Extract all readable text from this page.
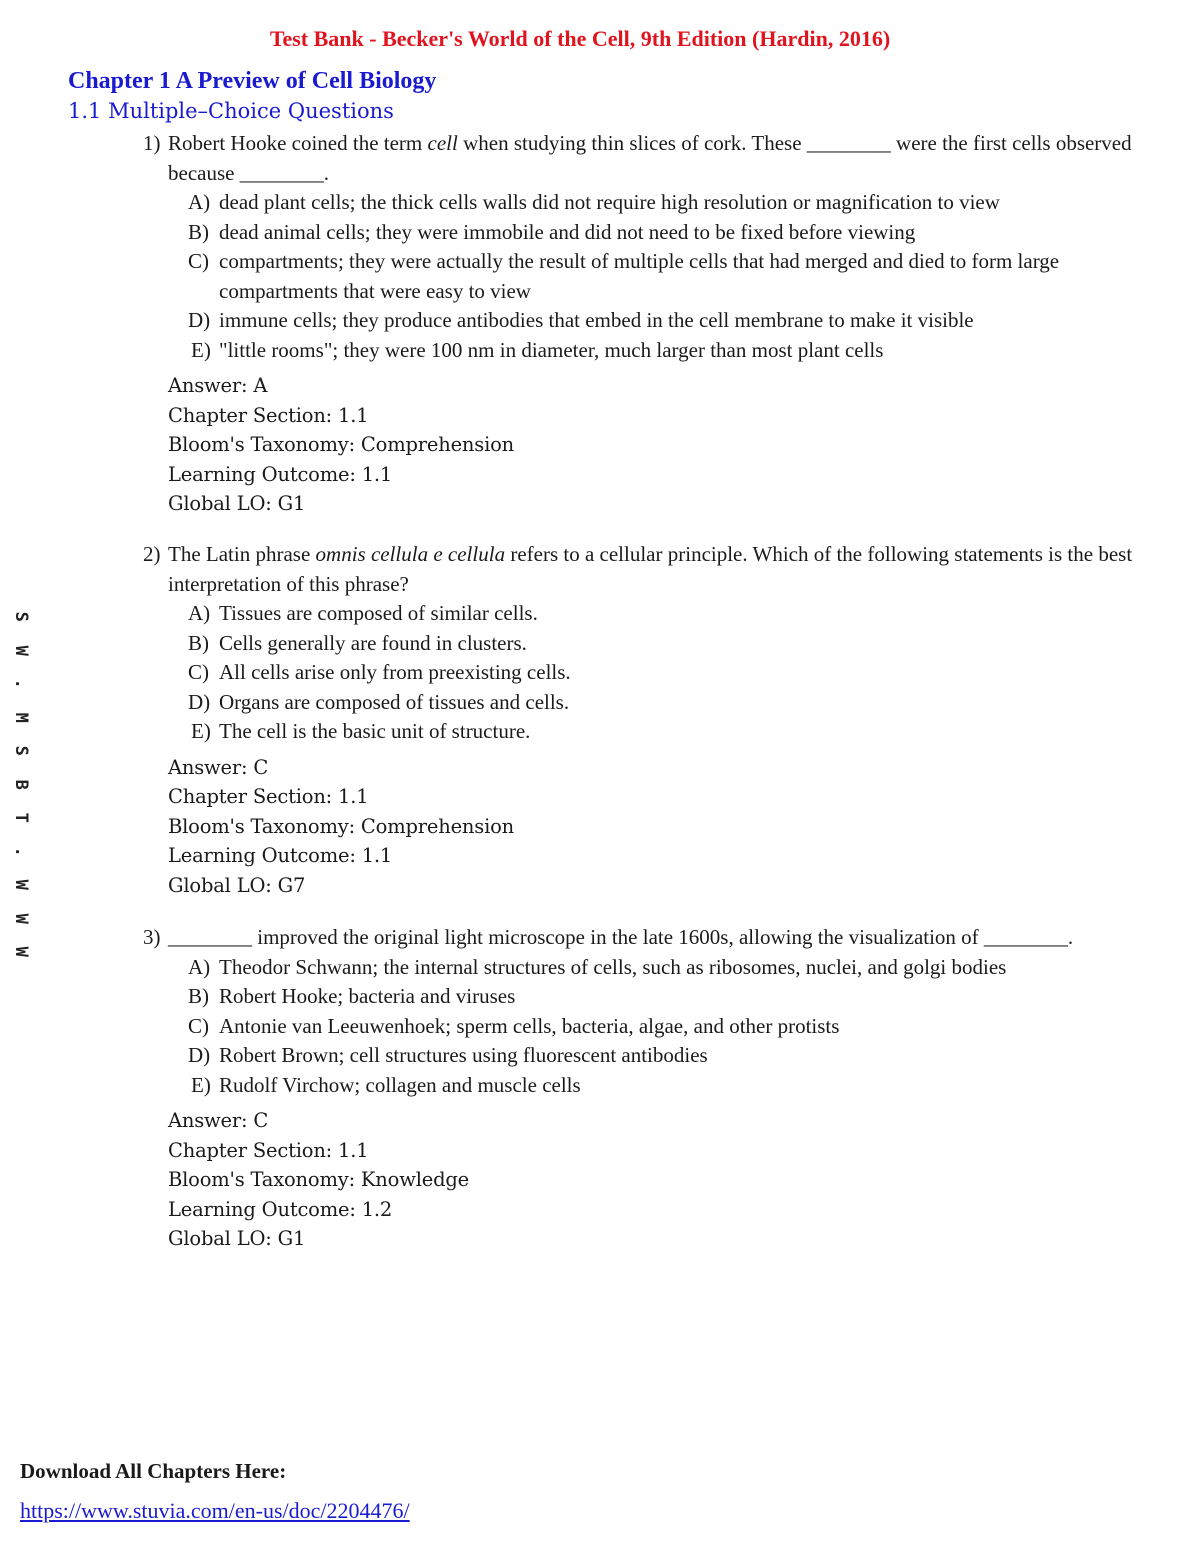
Test Bank - Becker's World of the Cell, 9th Edition (Hardin, 2016)
Chapter 1 A Preview of Cell Biology
1.1 Multiple–Choice Questions
1) Robert Hooke coined the term cell when studying thin slices of cork. These ________ were the first cells observed because ________.
A) dead plant cells; the thick cells walls did not require high resolution or magnification to view
B) dead animal cells; they were immobile and did not need to be fixed before viewing
C) compartments; they were actually the result of multiple cells that had merged and died to form large compartments that were easy to view
D) immune cells; they produce antibodies that embed in the cell membrane to make it visible
E) "little rooms"; they were 100 nm in diameter, much larger than most plant cells
Answer: A
Chapter Section: 1.1
Bloom's Taxonomy: Comprehension
Learning Outcome: 1.1
Global LO: G1
2) The Latin phrase omnis cellula e cellula refers to a cellular principle. Which of the following statements is the best interpretation of this phrase?
A) Tissues are composed of similar cells.
B) Cells generally are found in clusters.
C) All cells arise only from preexisting cells.
D) Organs are composed of tissues and cells.
E) The cell is the basic unit of structure.
Answer: C
Chapter Section: 1.1
Bloom's Taxonomy: Comprehension
Learning Outcome: 1.1
Global LO: G7
3) ________ improved the original light microscope in the late 1600s, allowing the visualization of ________.
A) Theodor Schwann; the internal structures of cells, such as ribosomes, nuclei, and golgi bodies
B) Robert Hooke; bacteria and viruses
C) Antonie van Leeuwenhoek; sperm cells, bacteria, algae, and other protists
D) Robert Brown; cell structures using fluorescent antibodies
E) Rudolf Virchow; collagen and muscle cells
Answer: C
Chapter Section: 1.1
Bloom's Taxonomy: Knowledge
Learning Outcome: 1.2
Global LO: G1
S
W
.
M
S
B
T
.
W
W
W
Download All Chapters Here:
https://www.stuvia.com/en-us/doc/2204476/
